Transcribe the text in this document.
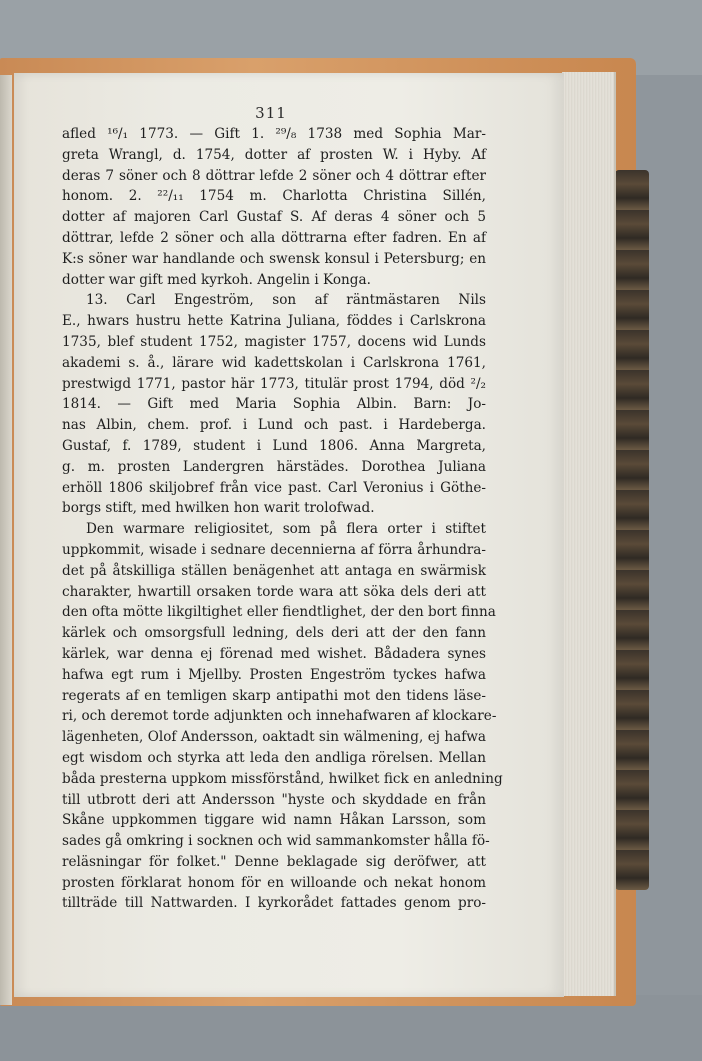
311
afled ¹⁶/₁ 1773. — Gift 1. ²⁹/₈ 1738 med Sophia Mar-
greta Wrangl, d. 1754, dotter af prosten W. i Hyby. Af
deras 7 söner och 8 döttrar lefde 2 söner och 4 döttrar efter
honom. 2. ²²/₁₁ 1754 m. Charlotta Christina Sillén,
dotter af majoren Carl Gustaf S. Af deras 4 söner och 5
döttrar, lefde 2 söner och alla döttrarna efter fadren. En af
K:s söner war handlande och swensk konsul i Petersburg; en
dotter war gift med kyrkoh. Angelin i Konga.
13. Carl Engeström, son af räntmästaren Nils
E., hwars hustru hette Katrina Juliana, föddes i Carlskrona
1735, blef student 1752, magister 1757, docens wid Lunds
akademi s. å., lärare wid kadettskolan i Carlskrona 1761,
prestwigd 1771, pastor här 1773, titulär prost 1794, död ²/₂
1814. — Gift med Maria Sophia Albin. Barn: Jo-
nas Albin, chem. prof. i Lund och past. i Hardeberga.
Gustaf, f. 1789, student i Lund 1806. Anna Margreta,
g. m. prosten Landergren härstädes. Dorothea Juliana
erhöll 1806 skiljobref från vice past. Carl Veronius i Göthe-
borgs stift, med hwilken hon warit trolofwad.
Den warmare religiositet, som på flera orter i stiftet
uppkommit, wisade i sednare decennierna af förra århundra-
det på åtskilliga ställen benägenhet att antaga en swärmisk
charakter, hwartill orsaken torde wara att söka dels deri att
den ofta mötte likgiltighet eller fiendtlighet, der den bort finna
kärlek och omsorgsfull ledning, dels deri att der den fann
kärlek, war denna ej förenad med wishet. Bådadera synes
hafwa egt rum i Mjellby. Prosten Engeström tyckes hafwa
regerats af en temligen skarp antipathi mot den tidens läse-
ri, och deremot torde adjunkten och innehafwaren af klockare-
lägenheten, Olof Andersson, oaktadt sin wälmening, ej hafwa
egt wisdom och styrka att leda den andliga rörelsen. Mellan
båda presterna uppkom missförstånd, hwilket fick en anledning
till utbrott deri att Andersson "hyste och skyddade en från
Skåne uppkommen tiggare wid namn Håkan Larsson, som
sades gå omkring i socknen och wid sammankomster hålla fö-
reläsningar för folket." Denne beklagade sig deröfwer, att
prosten förklarat honom för en willoande och nekat honom
tillträde till Nattwarden. I kyrkorådet fattades genom pro-
